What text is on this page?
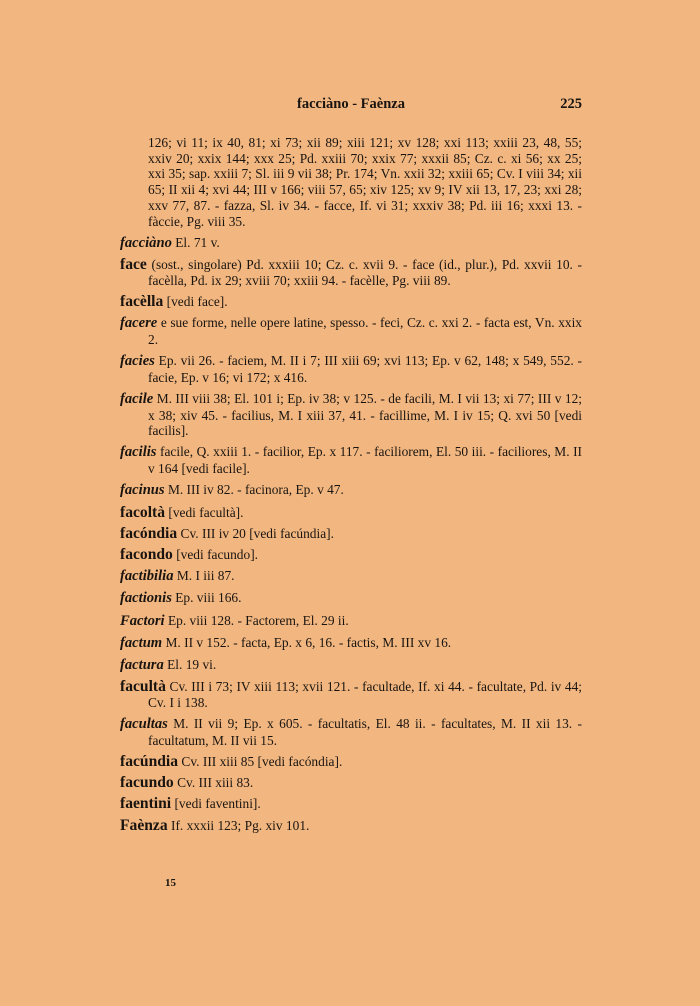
facciàno - Faènza	225

126; vi 11; ix 40, 81; xi 73; xii 89; xiii 121; xv 128; xxi 113; xxiii 23, 48, 55; xxiv 20; xxix 144; xxx 25; Pd. xxiii 70; xxix 77; xxxii 85; Cz. c. xi 56; xx 25; xxi 35; sap. xxiii 7; Sl. iii 9 vii 38; Pr. 174; Vn. xxii 32; xxiii 65; Cv. I viii 34; xii 65; II xii 4; xvi 44; III v 166; viii 57, 65; xiv 125; xv 9; IV xii 13, 17, 23; xxi 28; xxv 77, 87. - fazza, Sl. iv 34. - facce, If. vi 31; xxxiv 38; Pd. iii 16; xxxi 13. - fàccie, Pg. viii 35.

facciàno El. 71 v.

face (sost., singolare) Pd. xxxiii 10; Cz. c. xvii 9. - face (id., plur.), Pd. xxvii 10. - facèlla, Pd. ix 29; xviii 70; xxiii 94. - facèlle, Pg. viii 89.

facèlla [vedi face].

facere e sue forme, nelle opere latine, spesso. - feci, Cz. c. xxi 2. - facta est, Vn. xxix 2.

facies Ep. vii 26. - faciem, M. II i 7; III xiii 69; xvi 113; Ep. v 62, 148; x 549, 552. - facie, Ep. v 16; vi 172; x 416.

facile M. III viii 38; El. 101 i; Ep. iv 38; v 125. - de facili, M. I vii 13; xi 77; III v 12; x 38; xiv 45. - facilius, M. I xiii 37, 41. - facillime, M. I iv 15; Q. xvi 50 [vedi facilis].

facilis facile, Q. xxiii 1. - facilior, Ep. x 117. - faciliorem, El. 50 iii. - faciliores, M. II v 164 [vedi facile].

facinus M. III iv 82. - facinora, Ep. v 47.

facoltà [vedi facultà].

facóndia Cv. III iv 20 [vedi facúndia].

facondo [vedi facundo].

factibilia M. I iii 87.

factionis Ep. viii 166.

Factori Ep. viii 128. - Factorem, El. 29 ii.

factum M. II v 152. - facta, Ep. x 6, 16. - factis, M. III xv 16.

factura El. 19 vi.

facultà Cv. III i 73; IV xiii 113; xvii 121. - facultade, If. xi 44. - facultate, Pd. iv 44; Cv. I i 138.

facultas M. II vii 9; Ep. x 605. - facultatis, El. 48 ii. - facultates, M. II xii 13. - facultatum, M. II vii 15.

facúndia Cv. III xiii 85 [vedi facóndia].

facundo Cv. III xiii 83.

faentini [vedi faventini].

Faènza If. xxxii 123; Pg. xiv 101.

15
